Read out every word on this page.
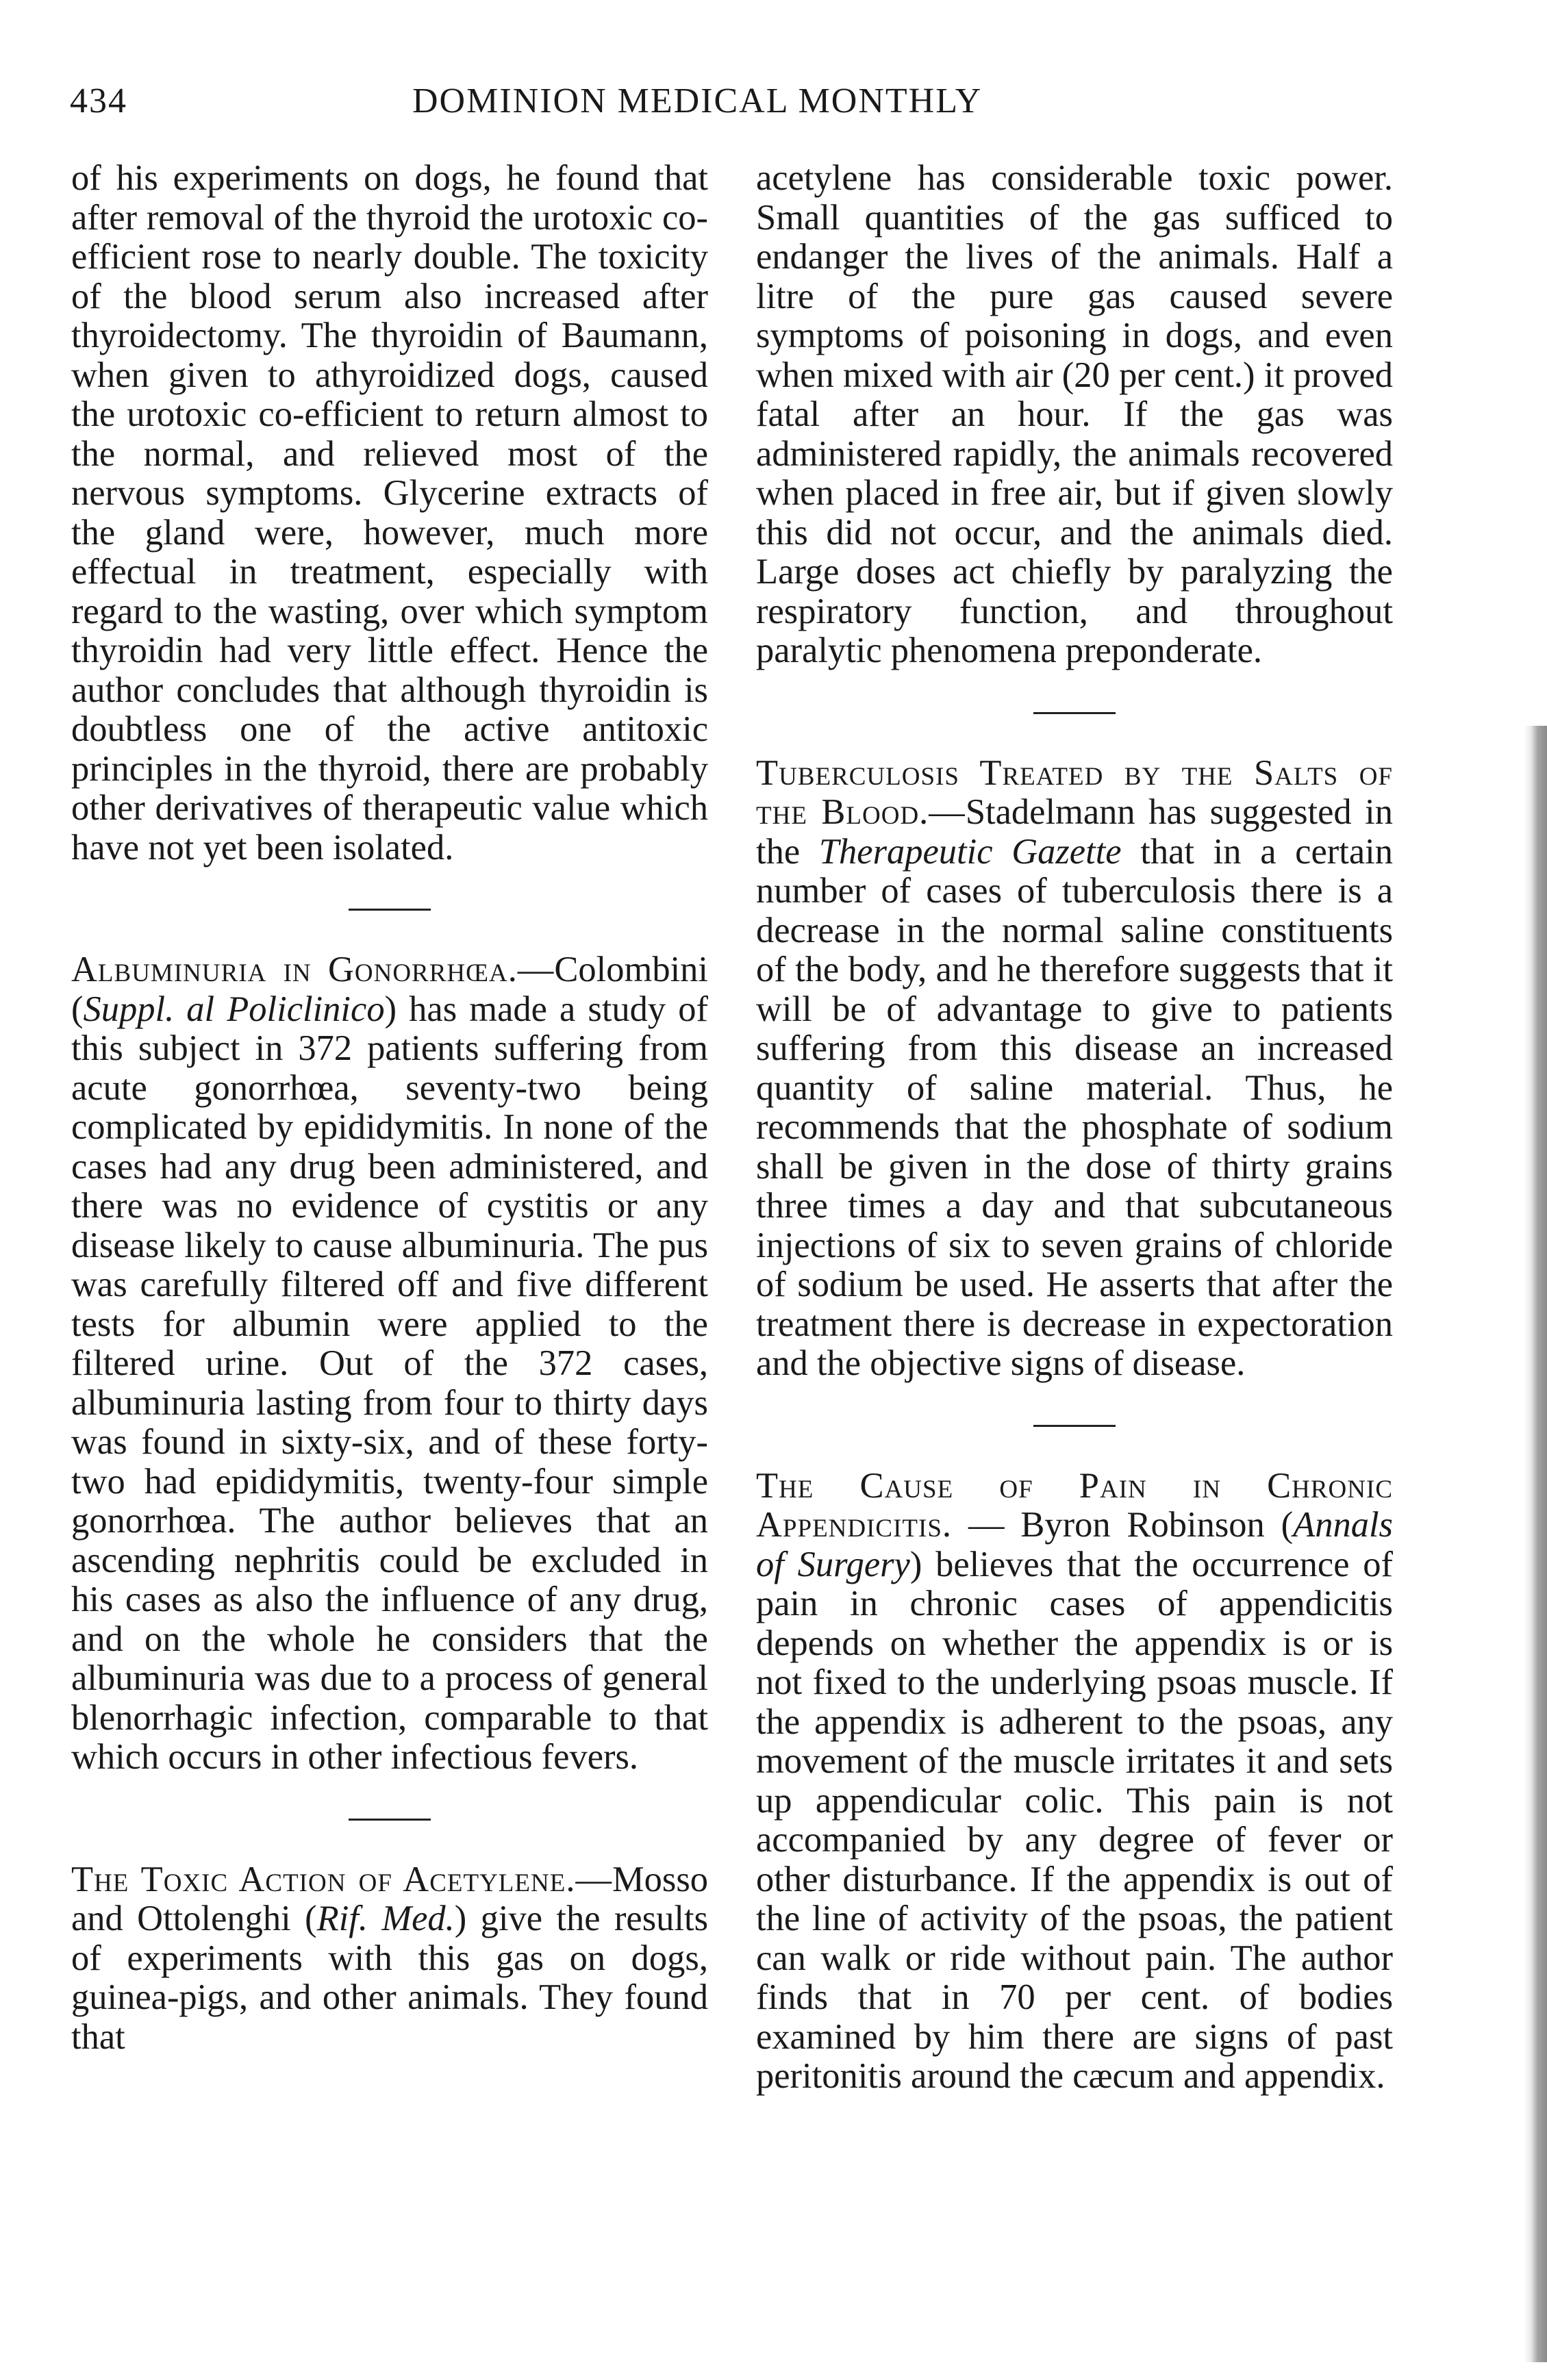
434	DOMINION MEDICAL MONTHLY

of his experiments on dogs, he found that after removal of the thyroid the urotoxic co-efficient rose to nearly double. The toxicity of the blood serum also increased after thyroidectomy. The thyroidin of Baumann, when given to athyroidized dogs, caused the urotoxic co-efficient to return almost to the normal, and relieved most of the nervous symptoms. Glycerine extracts of the gland were, however, much more effectual in treatment, especially with regard to the wasting, over which symptom thyroidin had very little effect. Hence the author concludes that although thyroidin is doubtless one of the active antitoxic principles in the thyroid, there are probably other derivatives of therapeutic value which have not yet been isolated.

Albuminuria in Gonorrhœa.—Colombini (Suppl. al Policlinico) has made a study of this subject in 372 patients suffering from acute gonorrhœa, seventy-two being complicated by epididymitis. In none of the cases had any drug been administered, and there was no evidence of cystitis or any disease likely to cause albuminuria. The pus was carefully filtered off and five different tests for albumin were applied to the filtered urine. Out of the 372 cases, albuminuria lasting from four to thirty days was found in sixty-six, and of these forty-two had epididymitis, twenty-four simple gonorrhœa. The author believes that an ascending nephritis could be excluded in his cases as also the influence of any drug, and on the whole he considers that the albuminuria was due to a process of general blenorrhagic infection, comparable to that which occurs in other infectious fevers.

The Toxic Action of Acetylene.—Mosso and Ottolenghi (Rif. Med.) give the results of experiments with this gas on dogs, guinea-pigs, and other animals. They found that

acetylene has considerable toxic power. Small quantities of the gas sufficed to endanger the lives of the animals. Half a litre of the pure gas caused severe symptoms of poisoning in dogs, and even when mixed with air (20 per cent.) it proved fatal after an hour. If the gas was administered rapidly, the animals recovered when placed in free air, but if given slowly this did not occur, and the animals died. Large doses act chiefly by paralyzing the respiratory function, and throughout paralytic phenomena preponderate.

Tuberculosis Treated by the Salts of the Blood.—Stadelmann has suggested in the Therapeutic Gazette that in a certain number of cases of tuberculosis there is a decrease in the normal saline constituents of the body, and he therefore suggests that it will be of advantage to give to patients suffering from this disease an increased quantity of saline material. Thus, he recommends that the phosphate of sodium shall be given in the dose of thirty grains three times a day and that subcutaneous injections of six to seven grains of chloride of sodium be used. He asserts that after the treatment there is decrease in expectoration and the objective signs of disease.

The Cause of Pain in Chronic Appendicitis. — Byron Robinson (Annals of Surgery) believes that the occurrence of pain in chronic cases of appendicitis depends on whether the appendix is or is not fixed to the underlying psoas muscle. If the appendix is adherent to the psoas, any movement of the muscle irritates it and sets up appendicular colic. This pain is not accompanied by any degree of fever or other disturbance. If the appendix is out of the line of activity of the psoas, the patient can walk or ride without pain. The author finds that in 70 per cent. of bodies examined by him there are signs of past peritonitis around the cæcum and appendix.
